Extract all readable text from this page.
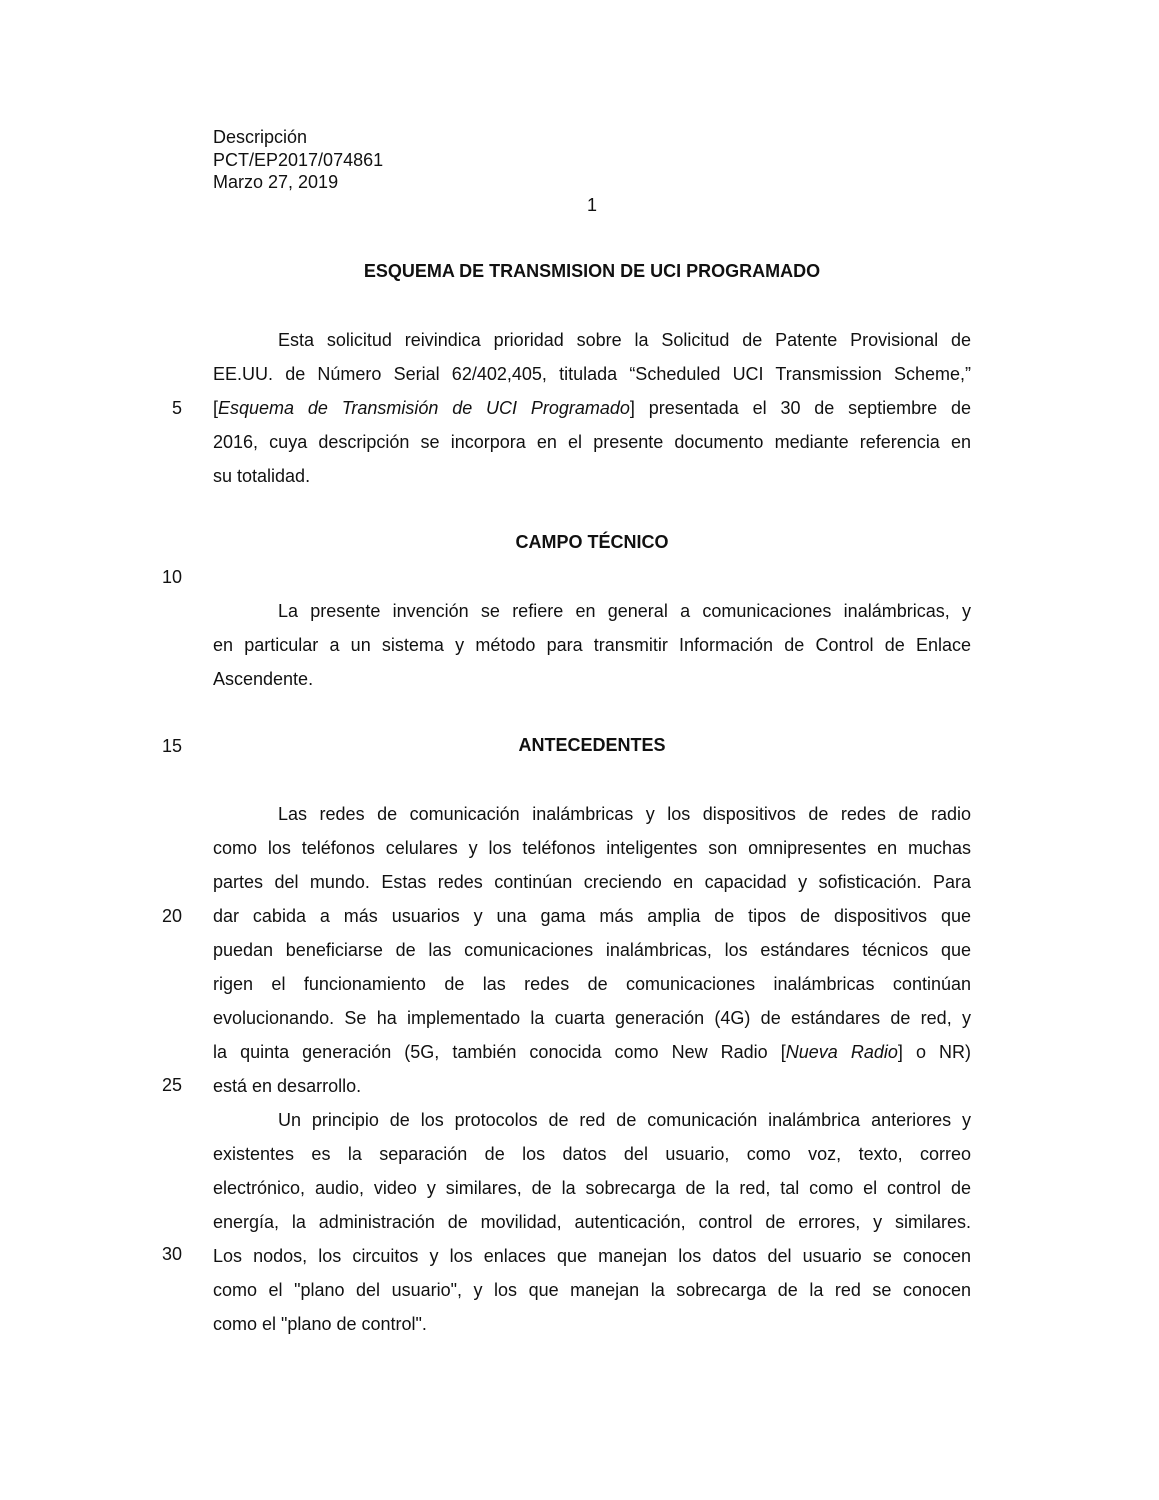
Descripción
PCT/EP2017/074861
Marzo 27, 2019
1
ESQUEMA DE TRANSMISION DE UCI PROGRAMADO
Esta solicitud reivindica prioridad sobre la Solicitud de Patente Provisional de
EE.UU. de Número Serial 62/402,405, titulada “Scheduled UCI Transmission Scheme,”
[Esquema de Transmisión de UCI Programado] presentada el 30 de septiembre de
2016, cuya descripción se incorpora en el presente documento mediante referencia en
su totalidad.
CAMPO TÉCNICO
La presente invención se refiere en general a comunicaciones inalámbricas, y
en particular a un sistema y método para transmitir Información de Control de Enlace
Ascendente.
ANTECEDENTES
Las redes de comunicación inalámbricas y los dispositivos de redes de radio
como los teléfonos celulares y los teléfonos inteligentes son omnipresentes en muchas
partes del mundo. Estas redes continúan creciendo en capacidad y sofisticación. Para
dar cabida a más usuarios y una gama más amplia de tipos de dispositivos que
puedan beneficiarse de las comunicaciones inalámbricas, los estándares técnicos que
rigen el funcionamiento de las redes de comunicaciones inalámbricas continúan
evolucionando. Se ha implementado la cuarta generación (4G) de estándares de red, y
la quinta generación (5G, también conocida como New Radio [Nueva Radio] o NR)
está en desarrollo.
Un principio de los protocolos de red de comunicación inalámbrica anteriores y
existentes es la separación de los datos del usuario, como voz, texto, correo
electrónico, audio, video y similares, de la sobrecarga de la red, tal como el control de
energía, la administración de movilidad, autenticación, control de errores, y similares.
Los nodos, los circuitos y los enlaces que manejan los datos del usuario se conocen
como el "plano del usuario", y los que manejan la sobrecarga de la red se conocen
como el "plano de control".
5
10
15
20
25
30
